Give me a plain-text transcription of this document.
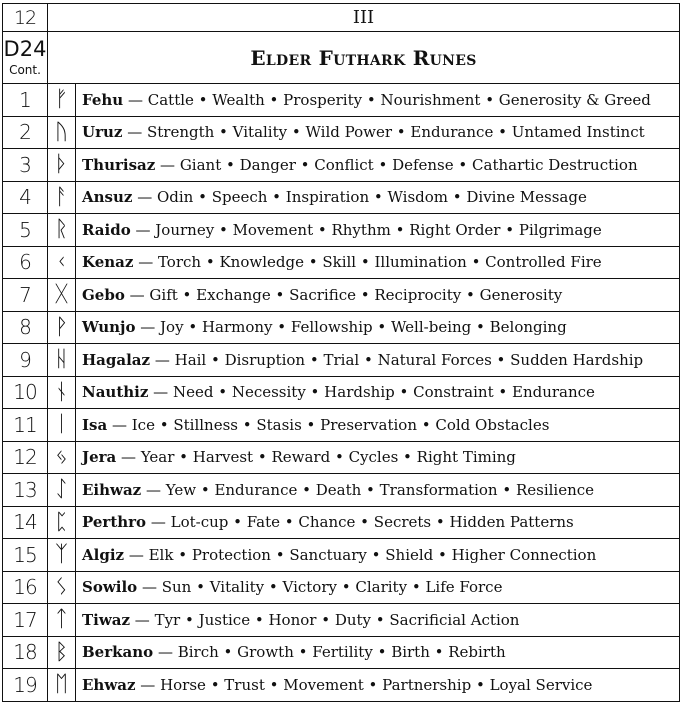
12	III	

D24
Cont.	Elder Futhark Runes	
1	ᚠ	Fehu — Cattle • Wealth • Prosperity • Nourishment • Generosity & Greed
2	ᚢ	Uruz — Strength • Vitality • Wild Power • Endurance • Untamed Instinct
3	ᚦ	Thurisaz — Giant • Danger • Conflict • Defense • Cathartic Destruction
4	ᚨ	Ansuz — Odin • Speech • Inspiration • Wisdom • Divine Message
5	ᚱ	Raido — Journey • Movement • Rhythm • Right Order • Pilgrimage
6	ᚲ	Kenaz — Torch • Knowledge • Skill • Illumination • Controlled Fire
7	ᚷ	Gebo — Gift • Exchange • Sacrifice • Reciprocity • Generosity
8	ᚹ	Wunjo — Joy • Harmony • Fellowship • Well-being • Belonging
9	ᚺ	Hagalaz — Hail • Disruption • Trial • Natural Forces • Sudden Hardship
10	ᚾ	Nauthiz — Need • Necessity • Hardship • Constraint • Endurance
11	ᛁ	Isa — Ice • Stillness • Stasis • Preservation • Cold Obstacles
12	ᛃ	Jera — Year • Harvest • Reward • Cycles • Right Timing
13	ᛇ	Eihwaz — Yew • Endurance • Death • Transformation • Resilience
14	ᛈ	Perthro — Lot-cup • Fate • Chance • Secrets • Hidden Patterns
15	ᛉ	Algiz — Elk • Protection • Sanctuary • Shield • Higher Connection
16	ᛊ	Sowilo — Sun • Vitality • Victory • Clarity • Life Force
17	ᛏ	Tiwaz — Tyr • Justice • Honor • Duty • Sacrificial Action
18	ᛒ	Berkano — Birch • Growth • Fertility • Birth • Rebirth
19	ᛖ	Ehwaz — Horse • Trust • Movement • Partnership • Loyal Service
